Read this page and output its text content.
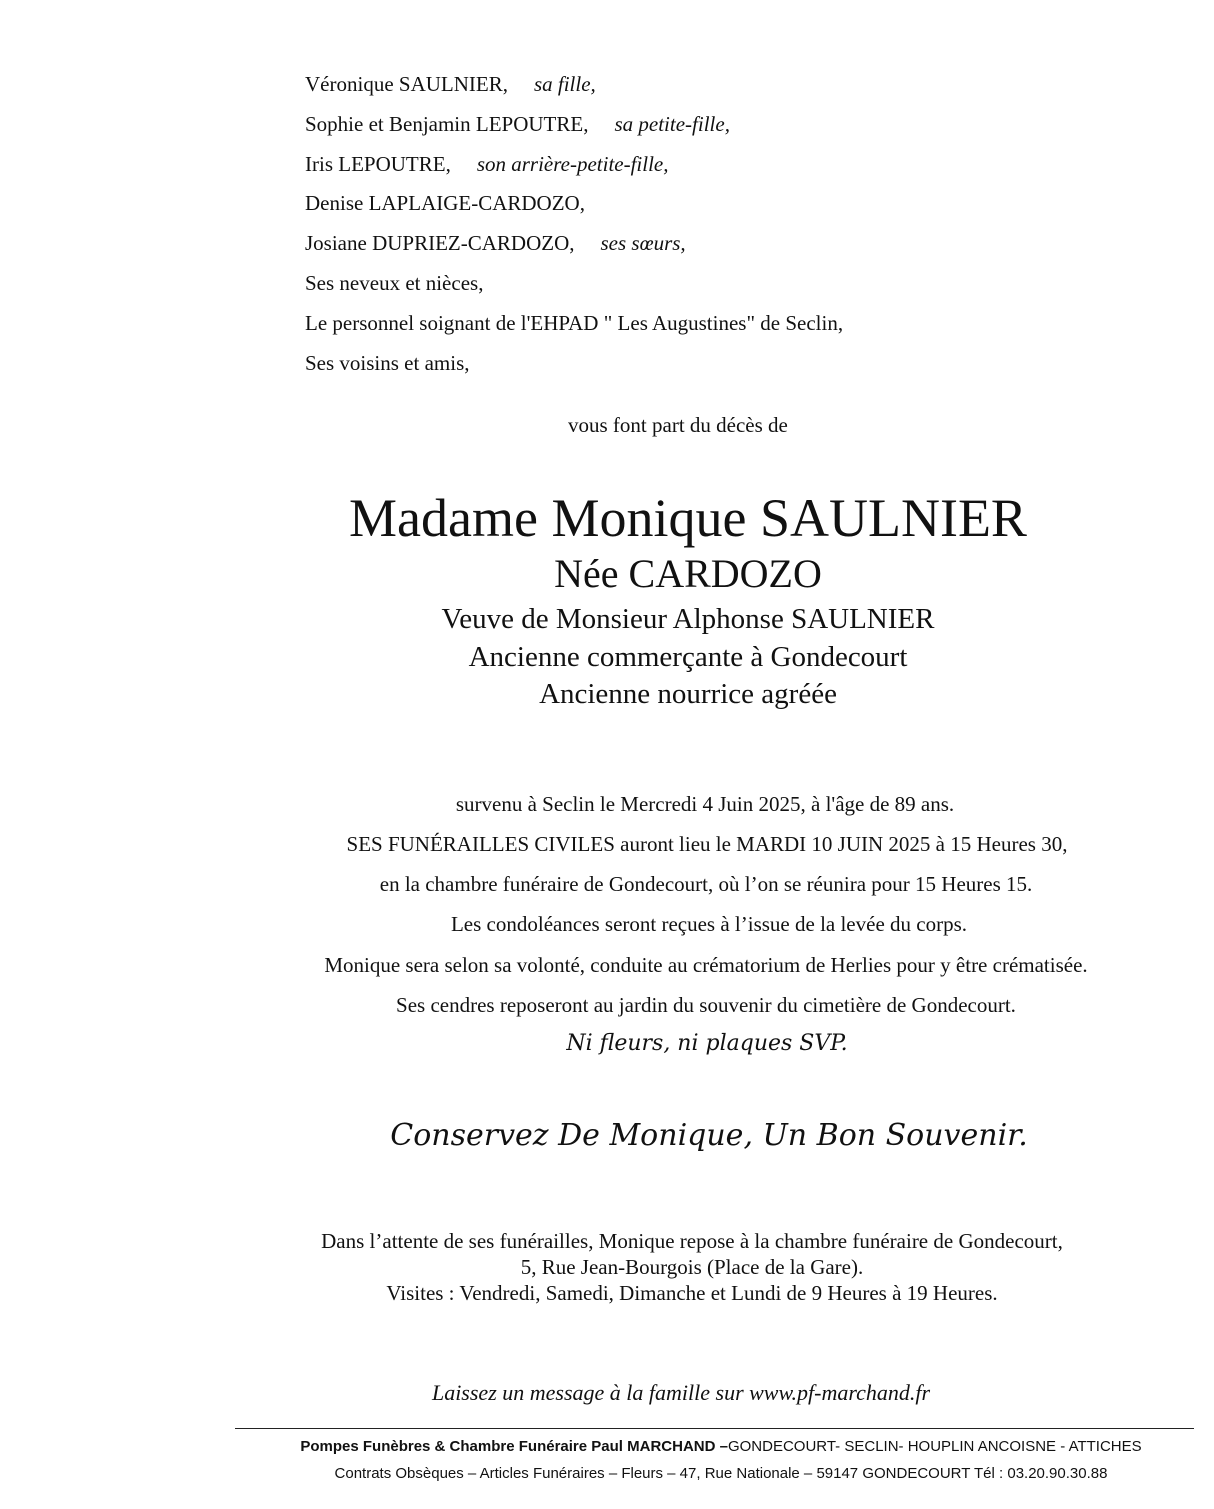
Véronique SAULNIER, sa fille,
Sophie et Benjamin LEPOUTRE, sa petite-fille,
Iris LEPOUTRE, son arrière-petite-fille,
Denise LAPLAIGE-CARDOZO,
Josiane DUPRIEZ-CARDOZO, ses sœurs,
Ses neveux et nièces,
Le personnel soignant de l'EHPAD " Les Augustines" de Seclin,
Ses voisins et amis,
vous font part du décès de
Madame Monique SAULNIER
Née CARDOZO
Veuve de Monsieur Alphonse SAULNIER
Ancienne commerçante à Gondecourt
Ancienne nourrice agréée
survenu à Seclin le Mercredi 4 Juin 2025, à l'âge de 89 ans.
SES FUNÉRAILLES CIVILES auront lieu le MARDI 10 JUIN 2025 à 15 Heures 30,
en la chambre funéraire de Gondecourt, où l’on se réunira pour 15 Heures 15.
Les condoléances seront reçues à l’issue de la levée du corps.
Monique sera selon sa volonté, conduite au crématorium de Herlies pour y être crématisée.
Ses cendres reposeront au jardin du souvenir du cimetière de Gondecourt.
Ni fleurs, ni plaques SVP.
Conservez De Monique, Un Bon Souvenir.
Dans l’attente de ses funérailles, Monique repose à la chambre funéraire de Gondecourt,
5, Rue Jean-Bourgois (Place de la Gare).
Visites : Vendredi, Samedi, Dimanche et Lundi de 9 Heures à 19 Heures.
Laissez un message à la famille sur www.pf-marchand.fr
Pompes Funèbres & Chambre Funéraire Paul MARCHAND –GONDECOURT- SECLIN- HOUPLIN ANCOISNE - ATTICHES
Contrats Obsèques – Articles Funéraires – Fleurs – 47, Rue Nationale – 59147 GONDECOURT Tél : 03.20.90.30.88
